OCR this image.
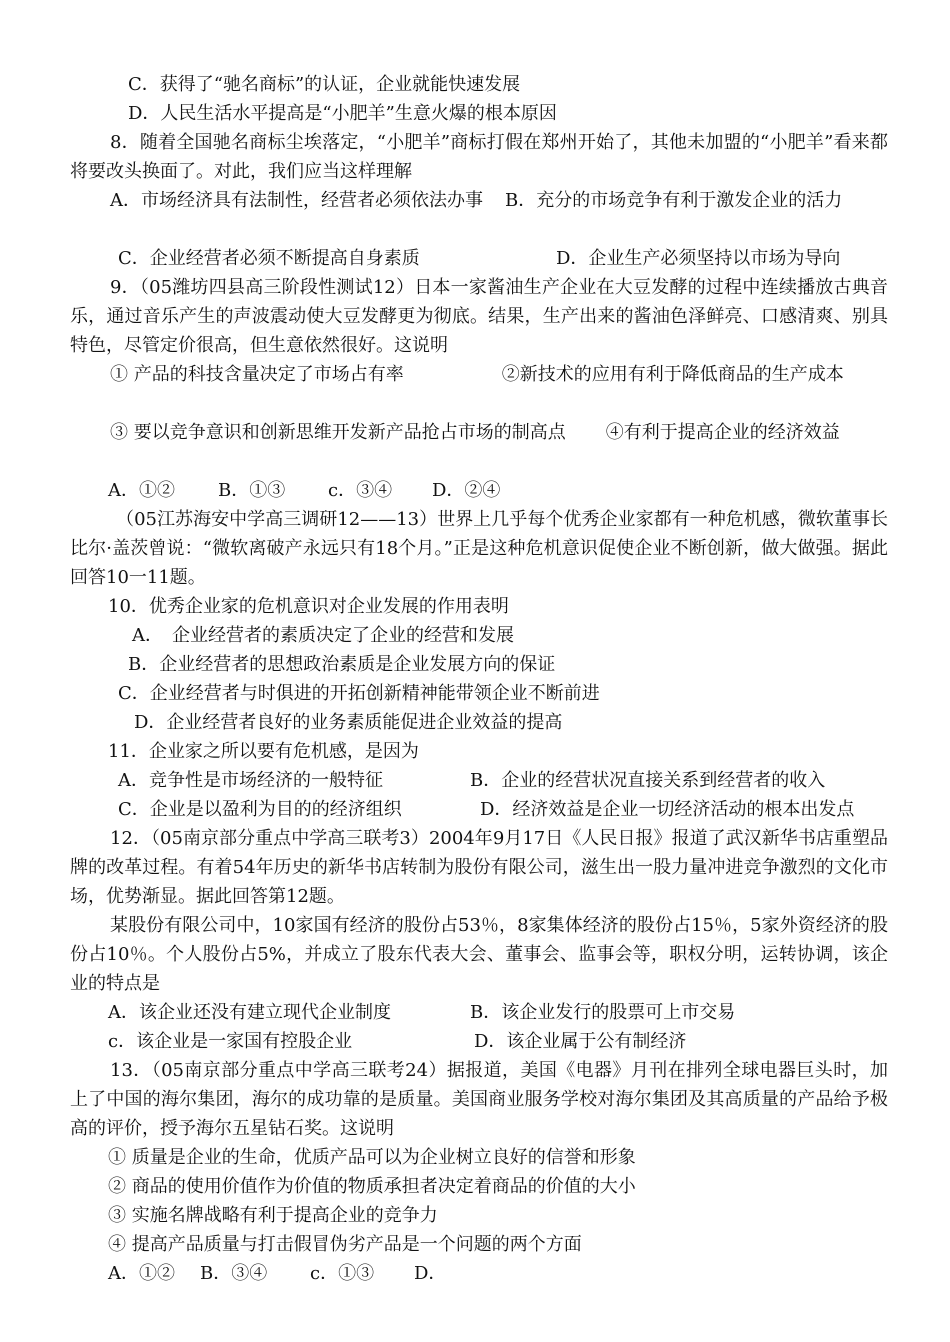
C．获得了“驰名商标”的认证，企业就能快速发展
D．人民生活水平提高是“小肥羊”生意火爆的根本原因
8．随着全国驰名商标尘埃落定，“小肥羊”商标打假在郑州开始了，其他未加盟的“小肥羊”看来都将要改头换面了。对此，我们应当这样理解
A．市场经济具有法制性，经营者必须依法办事 B．充分的市场竞争有利于激发企业的活力
C．企业经营者必须不断提高自身素质	D．企业生产必须坚持以市场为导向
9．（05潍坊四县高三阶段性测试12）日本一家酱油生产企业在大豆发酵的过程中连续播放古典音乐，通过音乐产生的声波震动使大豆发酵更为彻底。结果，生产出来的酱油色泽鲜亮、口感清爽、别具特色，尽管定价很高，但生意依然很好。这说明
① 产品的科技含量决定了市场占有率	②新技术的应用有利于降低商品的生产成本
③ 要以竞争意识和创新思维开发新产品抢占市场的制高点 ④有利于提高企业的经济效益
A．①② B．①③ c．③④ D．②④
（05江苏海安中学高三调研12——13）世界上几乎每个优秀企业家都有一种危机感，微软董事长比尔·盖茨曾说：“微软离破产永远只有18个月。”正是这种危机意识促使企业不断创新，做大做强。据此回答10一11题。
10．优秀企业家的危机意识对企业发展的作用表明
A．　企业经营者的素质决定了企业的经营和发展
B．企业经营者的思想政治素质是企业发展方向的保证
C．企业经营者与时俱进的开拓创新精神能带领企业不断前进
D．企业经营者良好的业务素质能促进企业效益的提高
11．企业家之所以要有危机感，是因为
A．竞争性是市场经济的一般特征	B．企业的经营状况直接关系到经营者的收入
C．企业是以盈利为目的的经济组织	D．经济效益是企业一切经济活动的根本出发点
12．（05南京部分重点中学高三联考3）2004年9月17日《人民日报》报道了武汉新华书店重塑品牌的改革过程。有着54年历史的新华书店转制为股份有限公司，滋生出一股力量冲进竞争激烈的文化市场，优势渐显。据此回答第12题。
某股份有限公司中，10家国有经济的股份占53％，8家集体经济的股份占15％，5家外资经济的股份占10％。个人股份占5%，并成立了股东代表大会、董事会、监事会等，职权分明，运转协调，该企业的特点是
A．该企业还没有建立现代企业制度	B．该企业发行的股票可上市交易
c．该企业是一家国有控股企业	D．该企业属于公有制经济
13．（05南京部分重点中学高三联考24）据报道，美国《电器》月刊在排列全球电器巨头时，加上了中国的海尔集团，海尔的成功靠的是质量。美国商业服务学校对海尔集团及其高质量的产品给予极高的评价，授予海尔五星钻石奖。这说明
① 质量是企业的生命，优质产品可以为企业树立良好的信誉和形象
② 商品的使用价值作为价值的物质承担者决定着商品的价值的大小
③ 实施名牌战略有利于提高企业的竞争力
④ 提高产品质量与打击假冒伪劣产品是一个问题的两个方面
A．①② B．③④ c．①③ D．
